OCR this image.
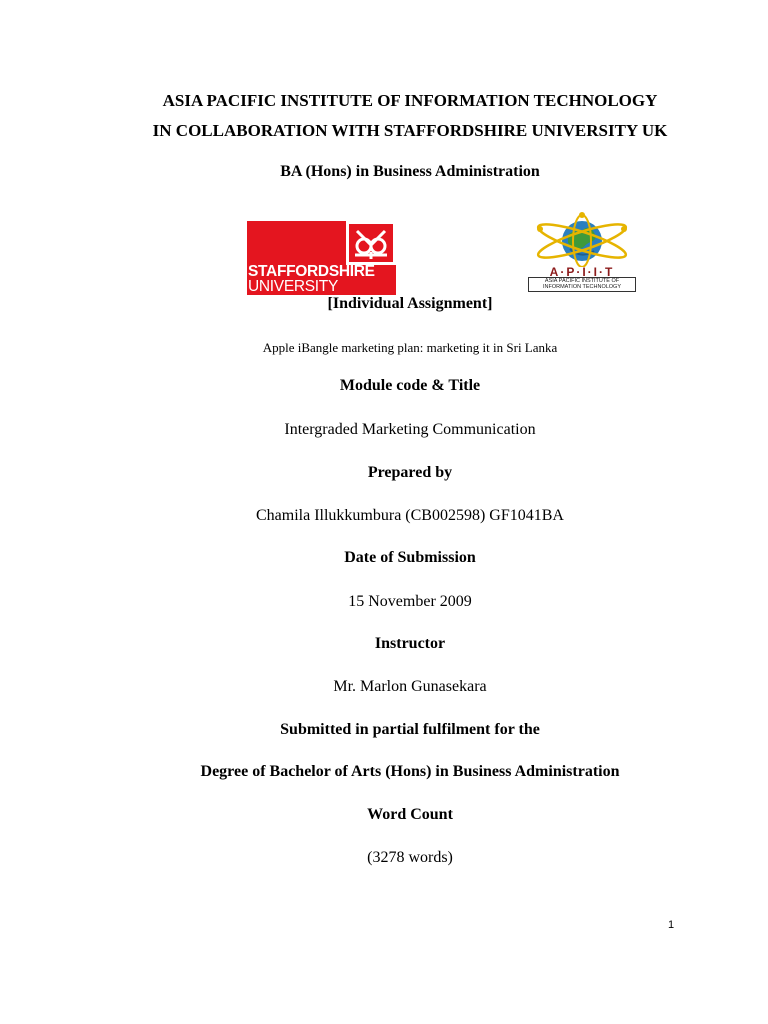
ASIA PACIFIC INSTITUTE OF INFORMATION TECHNOLOGY
IN COLLABORATION WITH STAFFORDSHIRE UNIVERSITY UK
BA (Hons) in Business Administration
STAFFORDSHIRE
UNIVERSITY
A·P·I·I·T
ASIA PACIFIC INSTITUTE OF
INFORMATION TECHNOLOGY
[Individual Assignment]
Apple iBangle marketing plan: marketing it in Sri Lanka
Module code & Title
Intergraded Marketing Communication
Prepared by
Chamila Illukkumbura (CB002598) GF1041BA
Date of Submission
15 November 2009
Instructor
Mr. Marlon Gunasekara
Submitted in partial fulfilment for the
Degree of Bachelor of Arts (Hons) in Business Administration
Word Count
(3278 words)
1
